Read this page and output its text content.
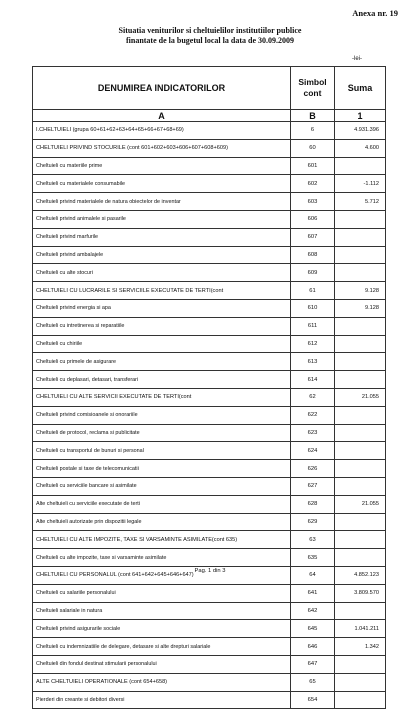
Anexa nr. 19
Situatia veniturilor si cheltuielilor institutiilor publice
finantate de la bugetul local la data de 30.09.2009
-lei-
DENUMIREA INDICATORILOR	Simbol cont	Suma
A	B	1
I.CHELTUIELI (grupa 60+61+62+63+64+65+66+67+68+69)	6	4.931.396
CHELTUIELI PRIVIND STOCURILE (cont 601+602+603+606+607+608+609)	60	4.600
Cheltuieli cu materiile prime	601	
Cheltuieli cu materialele consumabile	602	-1.112
Cheltuieli privind materialele de natura obiectelor de inventar	603	5.712
Cheltuieli privind animalele si pasarile	606	
Cheltuieli privind marfurile	607	
Cheltuieli privind ambalajele	608	
Cheltuieli cu alte stocuri	609	
CHELTUIELI CU LUCRARILE SI SERVICIILE EXECUTATE DE TERTI(cont	61	9.128
Cheltuieli privind energia si apa	610	9.128
Cheltuieli cu intretinerea si reparatiile	611	
Cheltuieli cu chiriile	612	
Cheltuieli cu primele de asigurare	613	
Cheltuieli cu deplasari, detasari, transferari	614	
CHELTUIELI CU ALTE SERVICII EXECUTATE DE TERTI(cont	62	21.055
Cheltuieli privind comisioanele si onorariile	622	
Cheltuieli de protocol, reclama si publicitate	623	
Cheltuieli cu transportul de bunuri si personal	624	
Cheltuieli postale si taxe de telecomunicatii	626	
Cheltuieli cu serviciile bancare si asimilate	627	
Alte cheltuieli cu serviciile executate de terti	628	21.055
Alte cheltuieli autorizate prin dispozitii legale	629	
CHELTUIELI CU ALTE IMPOZITE, TAXE SI VARSAMINTE ASIMILATE(cont 635)	63	
Cheltuieli cu alte impozite, taxe si varsaminte asimilate	635	
CHELTUIELI CU PERSONALUL (cont 641+642+645+646+647)	64	4.852.123
Cheltuieli cu salariile personalului	641	3.809.570
Cheltuieli salariale in natura	642	
Cheltuieli privind asigurarile sociale	645	1.041.211
Cheltuieli cu indemnizatiile de delegare, detasare si alte drepturi salariale	646	1.342
Cheltuieli din fondul destinat stimularii personalului	647	
ALTE CHELTUIELI OPERATIONALE (cont 654+658)	65	
Pierderi din creante si debitori diversi	654	
Pag. 1 din 3
